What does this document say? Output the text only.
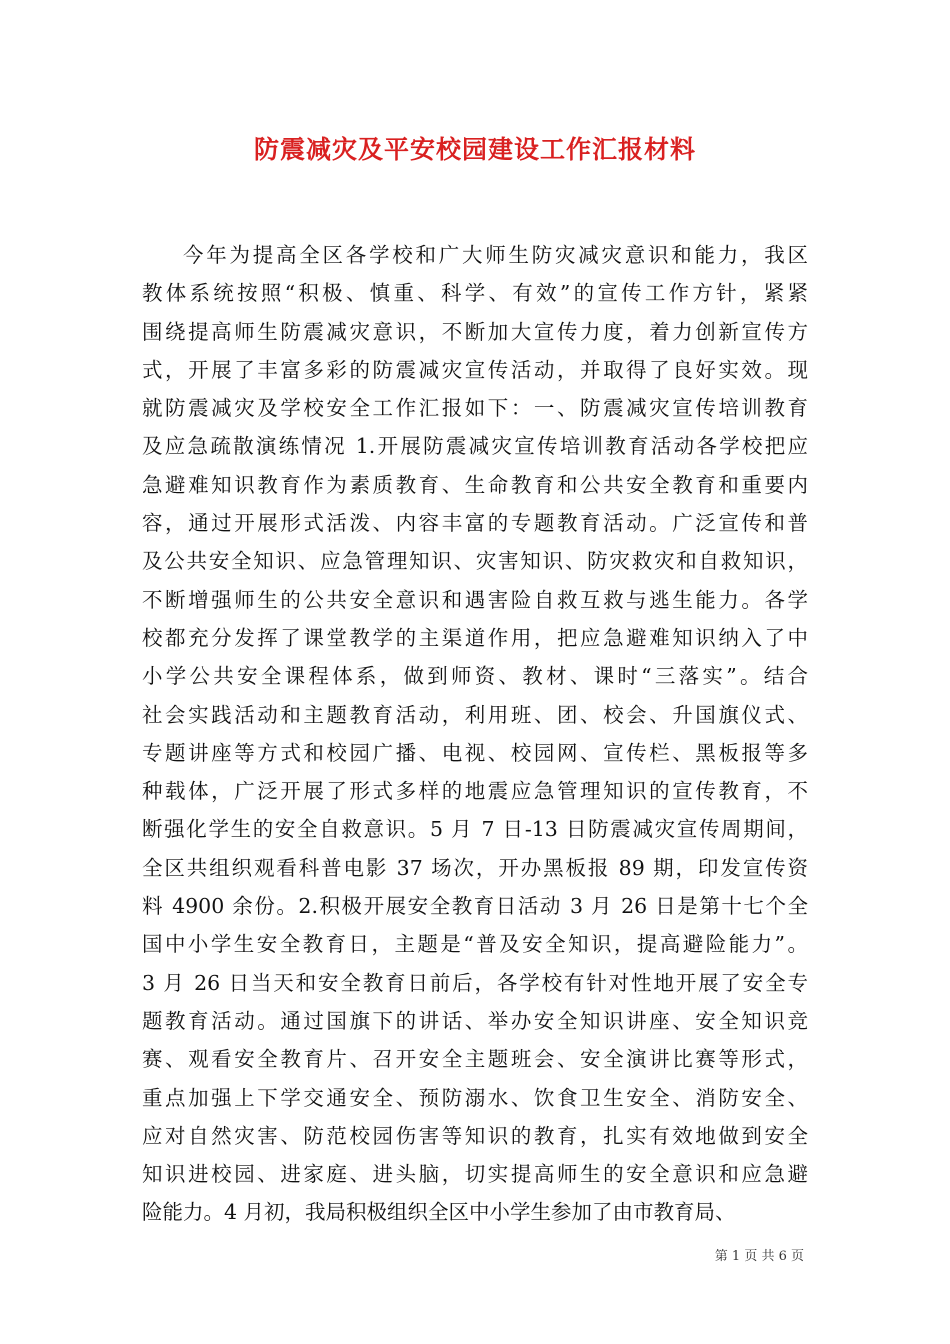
防震减灾及平安校园建设工作汇报材料
今年为提高全区各学校和广大师生防灾减灾意识和能力，我区
教体系统按照“积极、慎重、科学、有效”的宣传工作方针，紧紧
围绕提高师生防震减灾意识，不断加大宣传力度，着力创新宣传方
式，开展了丰富多彩的防震减灾宣传活动，并取得了良好实效。现
就防震减灾及学校安全工作汇报如下：一、防震减灾宣传培训教育
及应急疏散演练情况 1.开展防震减灾宣传培训教育活动各学校把应
急避难知识教育作为素质教育、生命教育和公共安全教育和重要内
容，通过开展形式活泼、内容丰富的专题教育活动。广泛宣传和普
及公共安全知识、应急管理知识、灾害知识、防灾救灾和自救知识，
不断增强师生的公共安全意识和遇害险自救互救与逃生能力。各学
校都充分发挥了课堂教学的主渠道作用，把应急避难知识纳入了中
小学公共安全课程体系，做到师资、教材、课时“三落实”。结合
社会实践活动和主题教育活动，利用班、团、校会、升国旗仪式、
专题讲座等方式和校园广播、电视、校园网、宣传栏、黑板报等多
种载体，广泛开展了形式多样的地震应急管理知识的宣传教育，不
断强化学生的安全自救意识。5 月 7 日-13 日防震减灾宣传周期间，
全区共组织观看科普电影 37 场次，开办黑板报 89 期，印发宣传资
料 4900 余份。2.积极开展安全教育日活动 3 月 26 日是第十七个全
国中小学生安全教育日，主题是“普及安全知识，提高避险能力”。
3 月 26 日当天和安全教育日前后，各学校有针对性地开展了安全专
题教育活动。通过国旗下的讲话、举办安全知识讲座、安全知识竞
赛、观看安全教育片、召开安全主题班会、安全演讲比赛等形式，
重点加强上下学交通安全、预防溺水、饮食卫生安全、消防安全、
应对自然灾害、防范校园伤害等知识的教育，扎实有效地做到安全
知识进校园、进家庭、进头脑，切实提高师生的安全意识和应急避
险能力。4 月初，我局积极组织全区中小学生参加了由市教育局、
第 1 页 共 6 页
